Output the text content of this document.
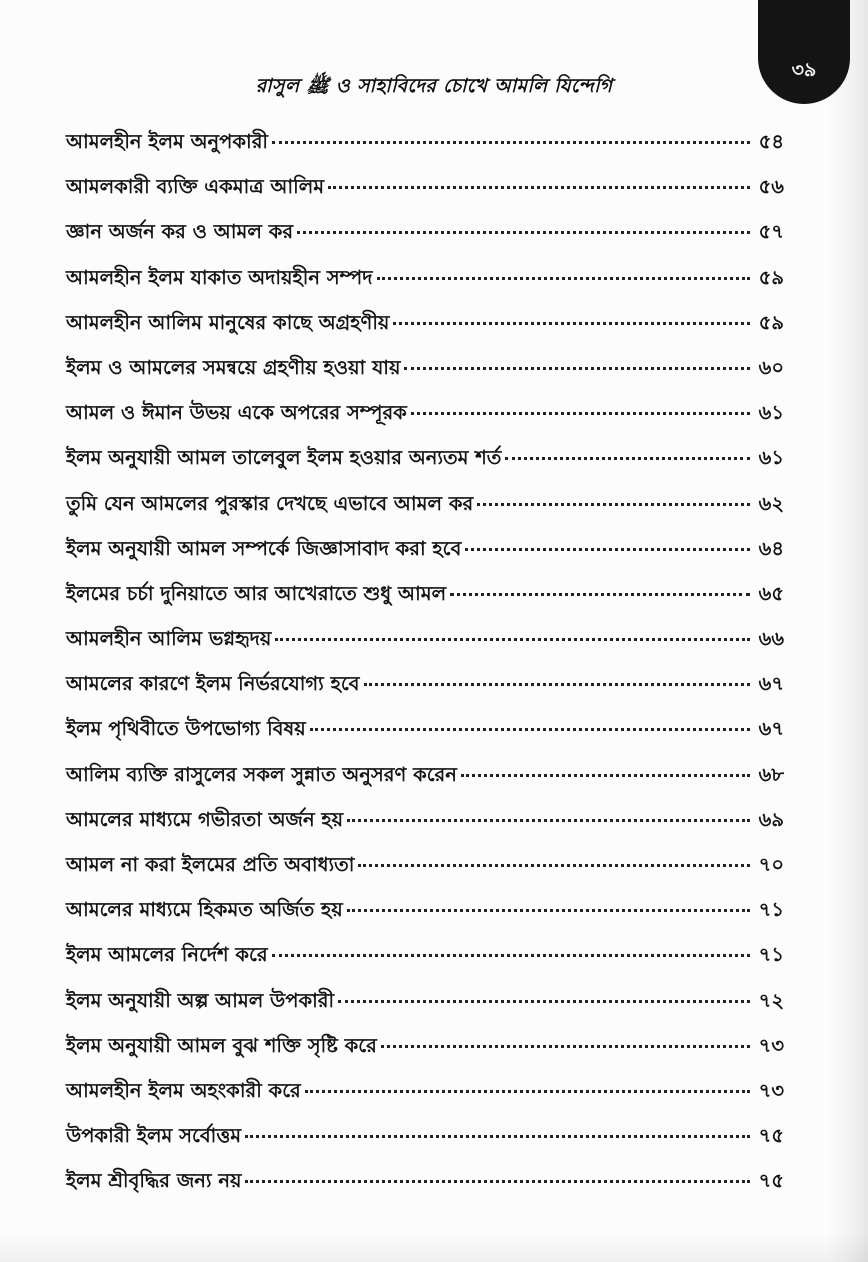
রাসুল ﷺ ও সাহাবিদের চোখে আমলি যিন্দেগি
৩৯
আমলহীন ইলম অনুপকারী	৫৪
আমলকারী ব্যক্তি একমাত্র আলিম	৫৬
জ্ঞান অর্জন কর ও আমল কর	৫৭
আমলহীন ইলম যাকাত অদায়হীন সম্পদ	৫৯
আমলহীন আলিম মানুষের কাছে অগ্রহণীয়	৫৯
ইলম ও আমলের সমন্বয়ে গ্রহণীয় হওয়া যায়	৬০
আমল ও ঈমান উভয় একে অপরের সম্পূরক	৬১
ইলম অনুযায়ী আমল তালেবুল ইলম হওয়ার অন্যতম শর্ত	৬১
তুমি যেন আমলের পুরস্কার দেখছে এভাবে আমল কর	৬২
ইলম অনুযায়ী আমল সম্পর্কে জিজ্ঞাসাবাদ করা হবে	৬৪
ইলমের চর্চা দুনিয়াতে আর আখেরাতে শুধু আমল	৬৫
আমলহীন আলিম ভগ্নহৃদয়	৬৬
আমলের কারণে ইলম নির্ভরযোগ্য হবে	৬৭
ইলম পৃথিবীতে উপভোগ্য বিষয়	৬৭
আলিম ব্যক্তি রাসুলের সকল সুন্নাত অনুসরণ করেন	৬৮
আমলের মাধ্যমে গভীরতা অর্জন হয়	৬৯
আমল না করা ইলমের প্রতি অবাধ্যতা	৭০
আমলের মাধ্যমে হিকমত অর্জিত হয়	৭১
ইলম আমলের নির্দেশ করে	৭১
ইলম অনুযায়ী অল্প আমল উপকারী	৭২
ইলম অনুযায়ী আমল বুঝ শক্তি সৃষ্টি করে	৭৩
আমলহীন ইলম অহংকারী করে	৭৩
উপকারী ইলম সর্বোত্তম	৭৫
ইলম শ্রীবৃদ্ধির জন্য নয়	৭৫
